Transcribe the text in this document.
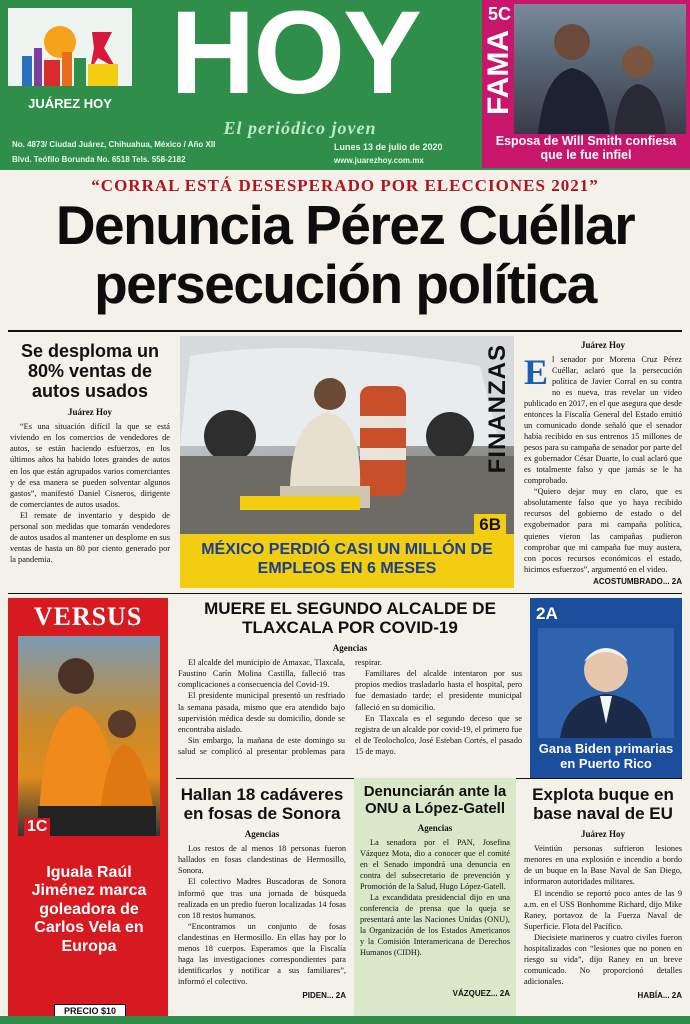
JUÁREZ HOY HOY
El periódico joven
No. 4873/ Ciudad Juárez, Chihuahua, México / Año XII
Blvd. Teófilo Borunda No. 6518 Tels. 558-2182
Lunes 13 de julio de 2020
www.juarezhoy.com.mx
5C
FAMA
Esposa de Will Smith confiesa que le fue infiel
“CORRAL ESTÁ DESESPERADO POR ELECCIONES 2021”
Denuncia Pérez Cuéllar
persecución política
Se desploma un 80% ventas de autos usados
Juárez Hoy

“Es una situación difícil la que se está viviendo en los comercios de vendedores de autos, se están haciendo esfuerzos, en los últimos años ha habido lotes grandes de autos en los que están agrupados varios comerciantes y de esa manera se pueden solventar algunos gastos”, manifestó Daniel Cisneros, dirigente de comerciantes de autos usados.

El remate de inventario y despido de personal son medidas que tomarán vendedores de autos usados al mantener un desplome en sus ventas de hasta un 80 por ciento generado por la pandemia.

FINANZAS
6B
MÉXICO PERDIÓ CASI UN MILLÓN DE EMPLEOS EN 6 MESES
Juárez Hoy
E l senador por Morena Cruz Pérez Cuéllar, aclaró que la persecución política de Javier Corral en su contra no es nueva, tras revelar un video publicado en 2017, en el que asegura que desde entonces la Fiscalía General del Estado emitió un comunicado donde señaló que el senador había recibido en sus entrenos 15 millones de pesos para su campaña de senador por parte del ex gobernador César Duarte, lo cual aclaró que es totalmente falso y que jamás se le ha comprobado.

“Quiero dejar muy en claro, que es absolutamente falso que yo haya recibido recursos del gobierno de estado o del exgobernador para mi campaña política, quienes vieron las campañas pudieron comprobar que mi campaña fue muy austera, con pocos recursos económicos el estado, hicimos esfuerzos”, argumentó en el video.

ACOSTUMBRADO... 2A
VERSUS
1C
Iguala Raúl Jiménez marca goleadora de Carlos Vela en Europa
MUERE EL SEGUNDO ALCALDE DE TLAXCALA POR COVID-19
Agencias

El alcalde del municipio de Amaxac, Tlaxcala, Faustino Carín Molina Castilla, falleció tras complicaciones a consecuencia del Covid-19.

El presidente municipal presentó un resfriado la semana pasada, mismo que era atendido bajo supervisión médica desde su domicilio, donde se encontraba aislado.

Sin embargo, la mañana de este domingo su salud se complicó al presentar problemas para respirar.

Familiares del alcalde intentaron por sus propios medios trasladarlo hasta el hospital, pero fue demasiado tarde; el presidente municipal falleció en su domicilio.

En Tlaxcala es el segundo deceso que se registra de un alcalde por covid-19, el primero fue el de Teolocholco, José Esteban Cortés, el pasado 15 de mayo.

2A
Gana Biden primarias en Puerto Rico
Hallan 18 cadáveres en fosas de Sonora
Agencias

Los restos de al menos 18 personas fueron hallados en fosas clandestinas de Hermosillo, Sonora.

El colectivo Madres Buscadoras de Sonora informó que tras una jornada de búsqueda realizada en un predio fueron localizadas 14 fosas con 18 restos humanos.

“Encontramos un conjunto de fosas clandestinas en Hermosillo. En ellas hay por lo menos 18 cuerpos. Esperamos que la Fiscalía haga las investigaciones correspondientes para identificarlos y notificar a sus familiares”, informó el colectivo.

PIDEN... 2A
Denunciarán ante la ONU a López-Gatell
Agencias

La senadora por el PAN, Josefina Vázquez Mota, dio a conocer que el comité en el Senado impondrá una denuncia en contra del subsecretario de prevención y Promoción de la Salud, Hugo López-Gatell.

La excandidata presidencial dijo en una conferencia de prensa que la queja se presentará ante las Naciones Unidas (ONU), la Organización de los Estados Americanos y la Comisión Interamericana de Derechos Humanos (CIDH).

VÁZQUEZ... 2A
Explota buque en base naval de EU
Juárez Hoy

Veintiún personas sufrieron lesiones menores en una explosión e incendio a bordo de un buque en la Base Naval de San Diego, informaron autoridades militares.

El incendio se reportó poco antes de las 9 a.m. en el USS Bonhomme Richard, dijo Mike Raney, portavoz de la Fuerza Naval de Superficie. Flota del Pacífico.

Diecisiete marineros y cuatro civiles fueron hospitalizados con “lesiones que no ponen en riesgo su vida”, dijo Raney en un breve comunicado. No proporcionó detalles adicionales.

HABÍA... 2A
PRECIO $10
